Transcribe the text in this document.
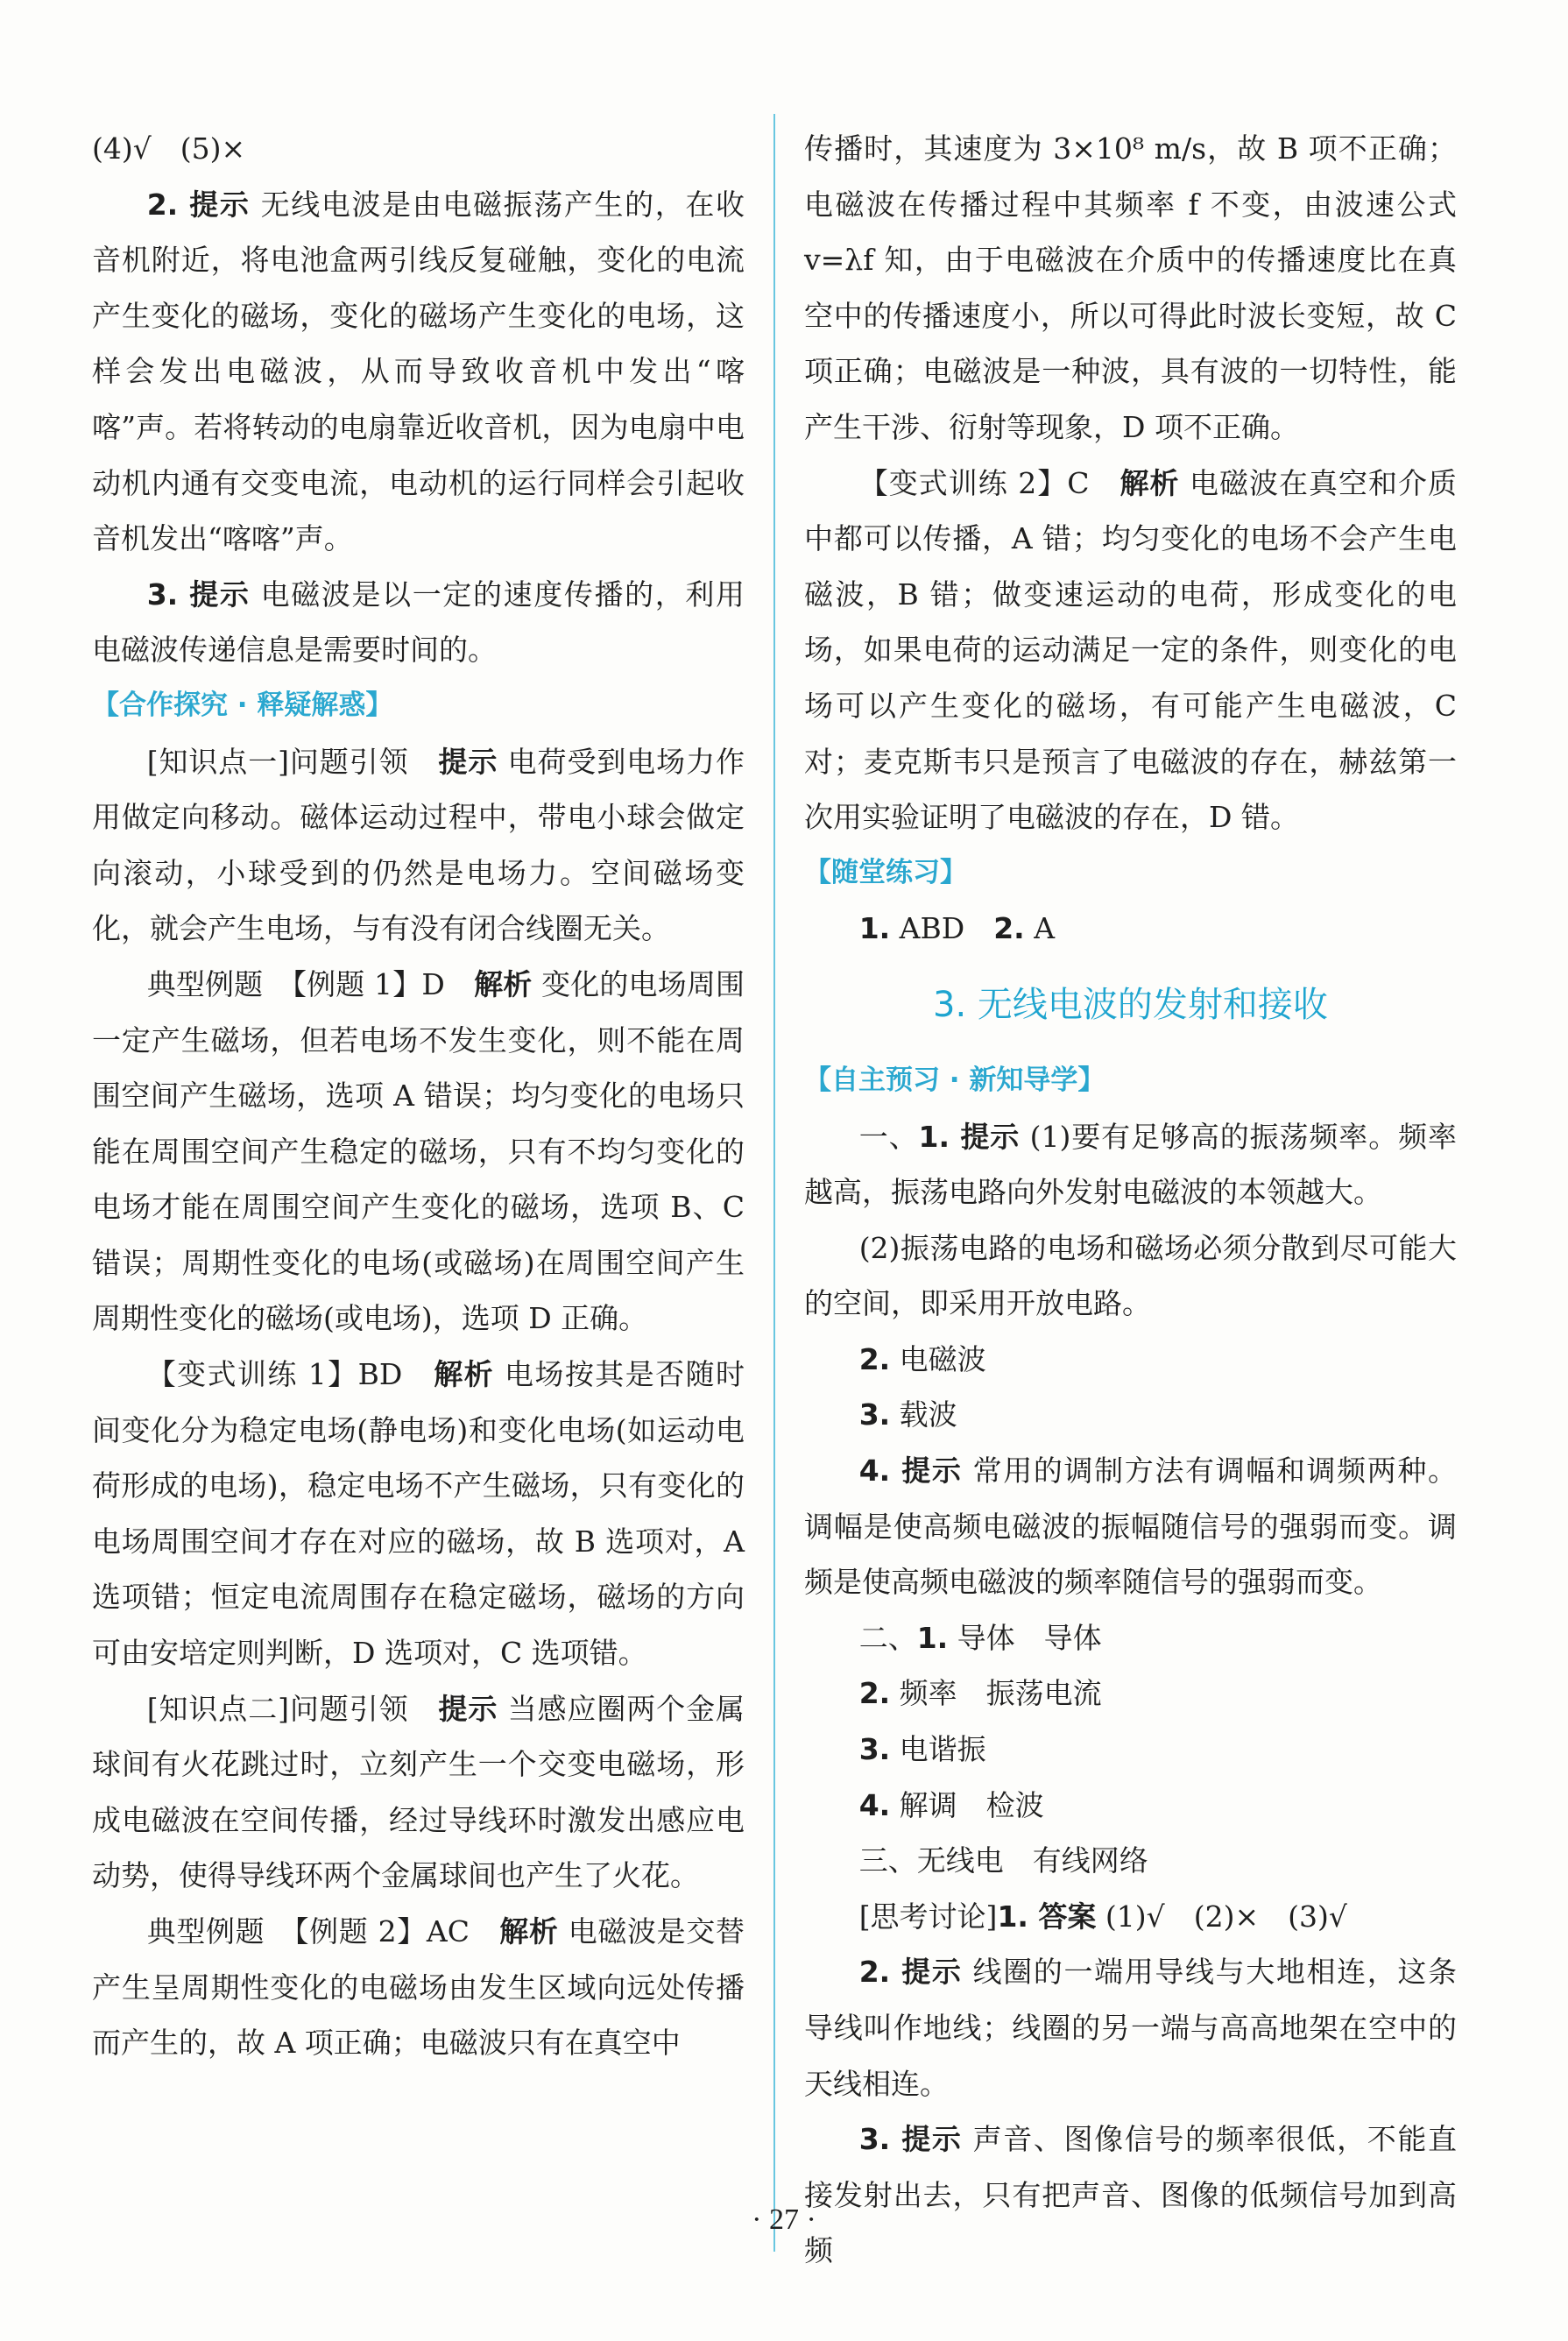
(4)√　(5)×

2. 提示 无线电波是由电磁振荡产生的，在收音机附近，将电池盒两引线反复碰触，变化的电流产生变化的磁场，变化的磁场产生变化的电场，这样会发出电磁波，从而导致收音机中发出“喀喀”声。若将转动的电扇靠近收音机，因为电扇中电动机内通有交变电流，电动机的运行同样会引起收音机发出“喀喀”声。

3. 提示 电磁波是以一定的速度传播的，利用电磁波传递信息是需要时间的。

【合作探究 · 释疑解惑】

[知识点一]问题引领　提示 电荷受到电场力作用做定向移动。磁体运动过程中，带电小球会做定向滚动，小球受到的仍然是电场力。空间磁场变化，就会产生电场，与有没有闭合线圈无关。

典型例题　【例题 1】D　解析 变化的电场周围一定产生磁场，但若电场不发生变化，则不能在周围空间产生磁场，选项 A 错误；均匀变化的电场只能在周围空间产生稳定的磁场，只有不均匀变化的电场才能在周围空间产生变化的磁场，选项 B、C 错误；周期性变化的电场(或磁场)在周围空间产生周期性变化的磁场(或电场)，选项 D 正确。

【变式训练 1】BD　解析 电场按其是否随时间变化分为稳定电场(静电场)和变化电场(如运动电荷形成的电场)，稳定电场不产生磁场，只有变化的电场周围空间才存在对应的磁场，故 B 选项对，A 选项错；恒定电流周围存在稳定磁场，磁场的方向可由安培定则判断，D 选项对，C 选项错。

[知识点二]问题引领　提示 当感应圈两个金属球间有火花跳过时，立刻产生一个交变电磁场，形成电磁波在空间传播，经过导线环时激发出感应电动势，使得导线环两个金属球间也产生了火花。

典型例题　【例题 2】AC　解析 电磁波是交替产生呈周期性变化的电磁场由发生区域向远处传播而产生的，故 A 项正确；电磁波只有在真空中

传播时，其速度为 3×10⁸ m/s，故 B 项不正确；电磁波在传播过程中其频率 f 不变，由波速公式 v=λf 知，由于电磁波在介质中的传播速度比在真空中的传播速度小，所以可得此时波长变短，故 C 项正确；电磁波是一种波，具有波的一切特性，能产生干涉、衍射等现象，D 项不正确。

【变式训练 2】C　解析 电磁波在真空和介质中都可以传播，A 错；均匀变化的电场不会产生电磁波，B 错；做变速运动的电荷，形成变化的电场，如果电荷的运动满足一定的条件，则变化的电场可以产生变化的磁场，有可能产生电磁波，C 对；麦克斯韦只是预言了电磁波的存在，赫兹第一次用实验证明了电磁波的存在，D 错。

【随堂练习】

1. ABD　2. A

3. 无线电波的发射和接收

【自主预习 · 新知导学】

一、1. 提示 (1)要有足够高的振荡频率。频率越高，振荡电路向外发射电磁波的本领越大。

(2)振荡电路的电场和磁场必须分散到尽可能大的空间，即采用开放电路。

2. 电磁波

3. 载波

4. 提示 常用的调制方法有调幅和调频两种。调幅是使高频电磁波的振幅随信号的强弱而变。调频是使高频电磁波的频率随信号的强弱而变。

二、1. 导体　导体

2. 频率　振荡电流

3. 电谐振

4. 解调　检波

三、无线电　有线网络

[思考讨论]1. 答案 (1)√　(2)×　(3)√

2. 提示 线圈的一端用导线与大地相连，这条导线叫作地线；线圈的另一端与高高地架在空中的天线相连。

3. 提示 声音、图像信号的频率很低，不能直接发射出去，只有把声音、图像的低频信号加到高频

· 27 ·
